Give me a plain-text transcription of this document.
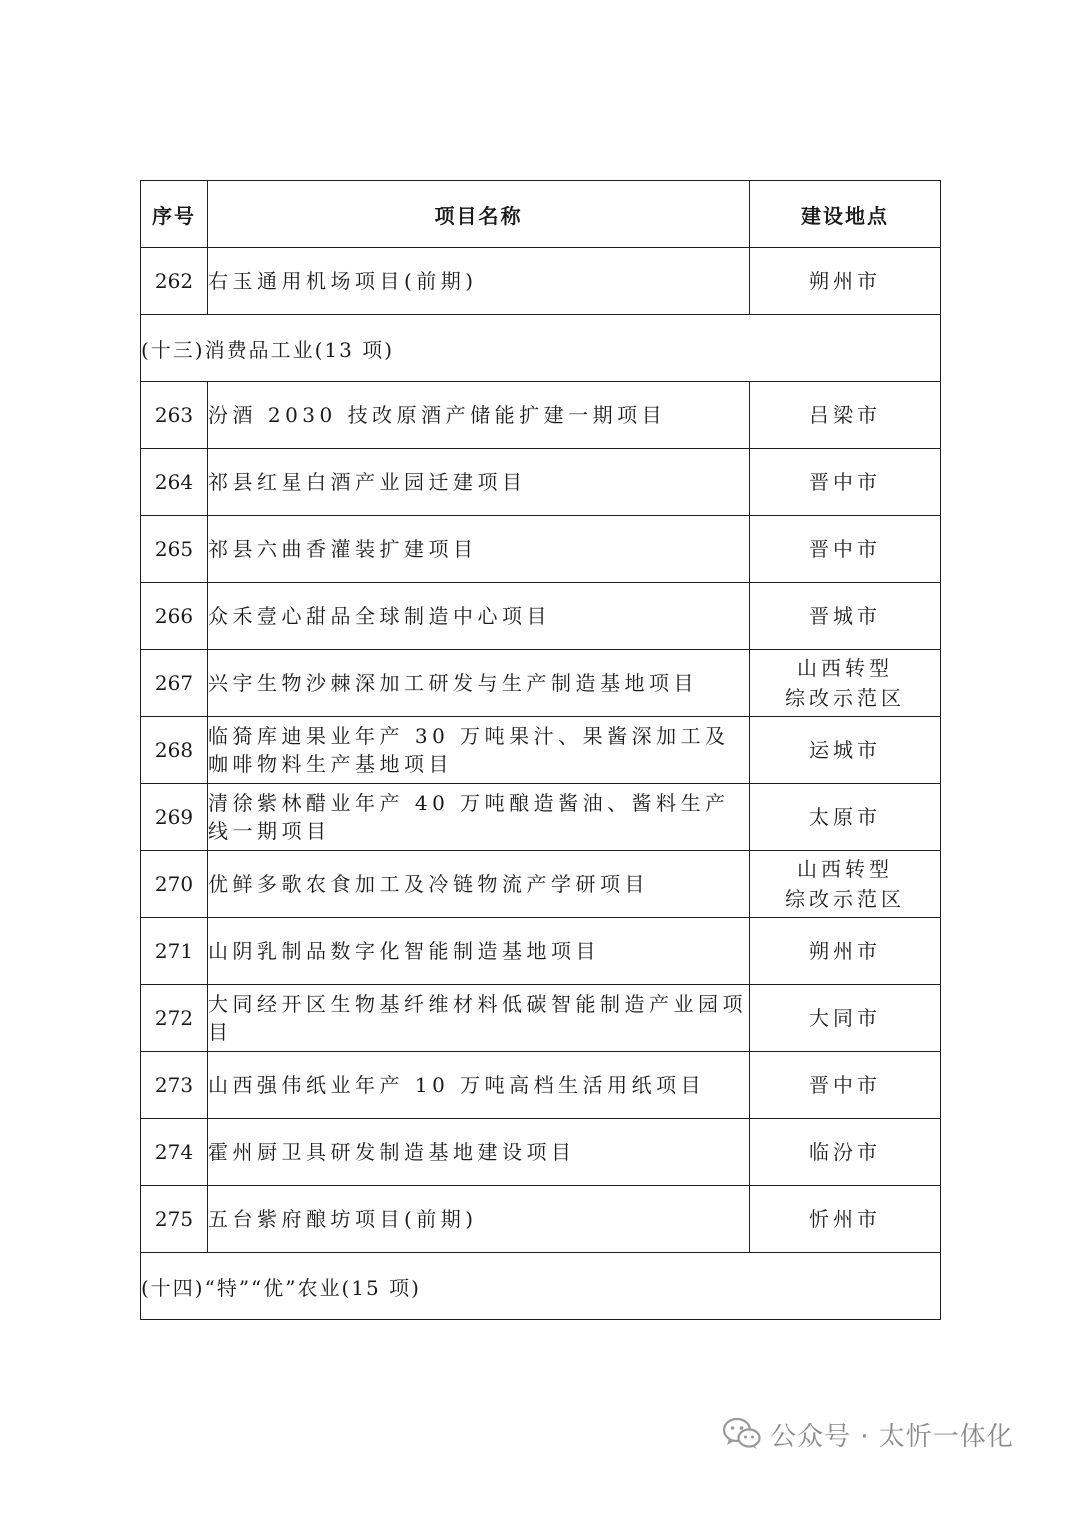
序号	项目名称	建设地点
262	右玉通用机场项目(前期)	朔州市

(十三)消费品工业(13 项)		
263	汾酒 2030 技改原酒产储能扩建一期项目	吕梁市

264	祁县红星白酒产业园迁建项目	晋中市

265	祁县六曲香灌装扩建项目	晋中市

266	众禾壹心甜品全球制造中心项目	晋城市

267	兴宇生物沙棘深加工研发与生产制造基地项目	山西转型
综改示范区

268	临猗库迪果业年产 30 万吨果汁、果酱深加工及咖啡物料生产基地项目	运城市

269	清徐紫林醋业年产 40 万吨酿造酱油、酱料生产线一期项目	太原市

270	优鲜多歌农食加工及冷链物流产学研项目	山西转型
综改示范区

271	山阴乳制品数字化智能制造基地项目	朔州市

272	大同经开区生物基纤维材料低碳智能制造产业园项目	大同市

273	山西强伟纸业年产 10 万吨高档生活用纸项目	晋中市

274	霍州厨卫具研发制造基地建设项目	临汾市

275	五台紫府酿坊项目(前期)	忻州市

(十四)“特”“优”农业(15 项)		
公众号 · 太忻一体化
